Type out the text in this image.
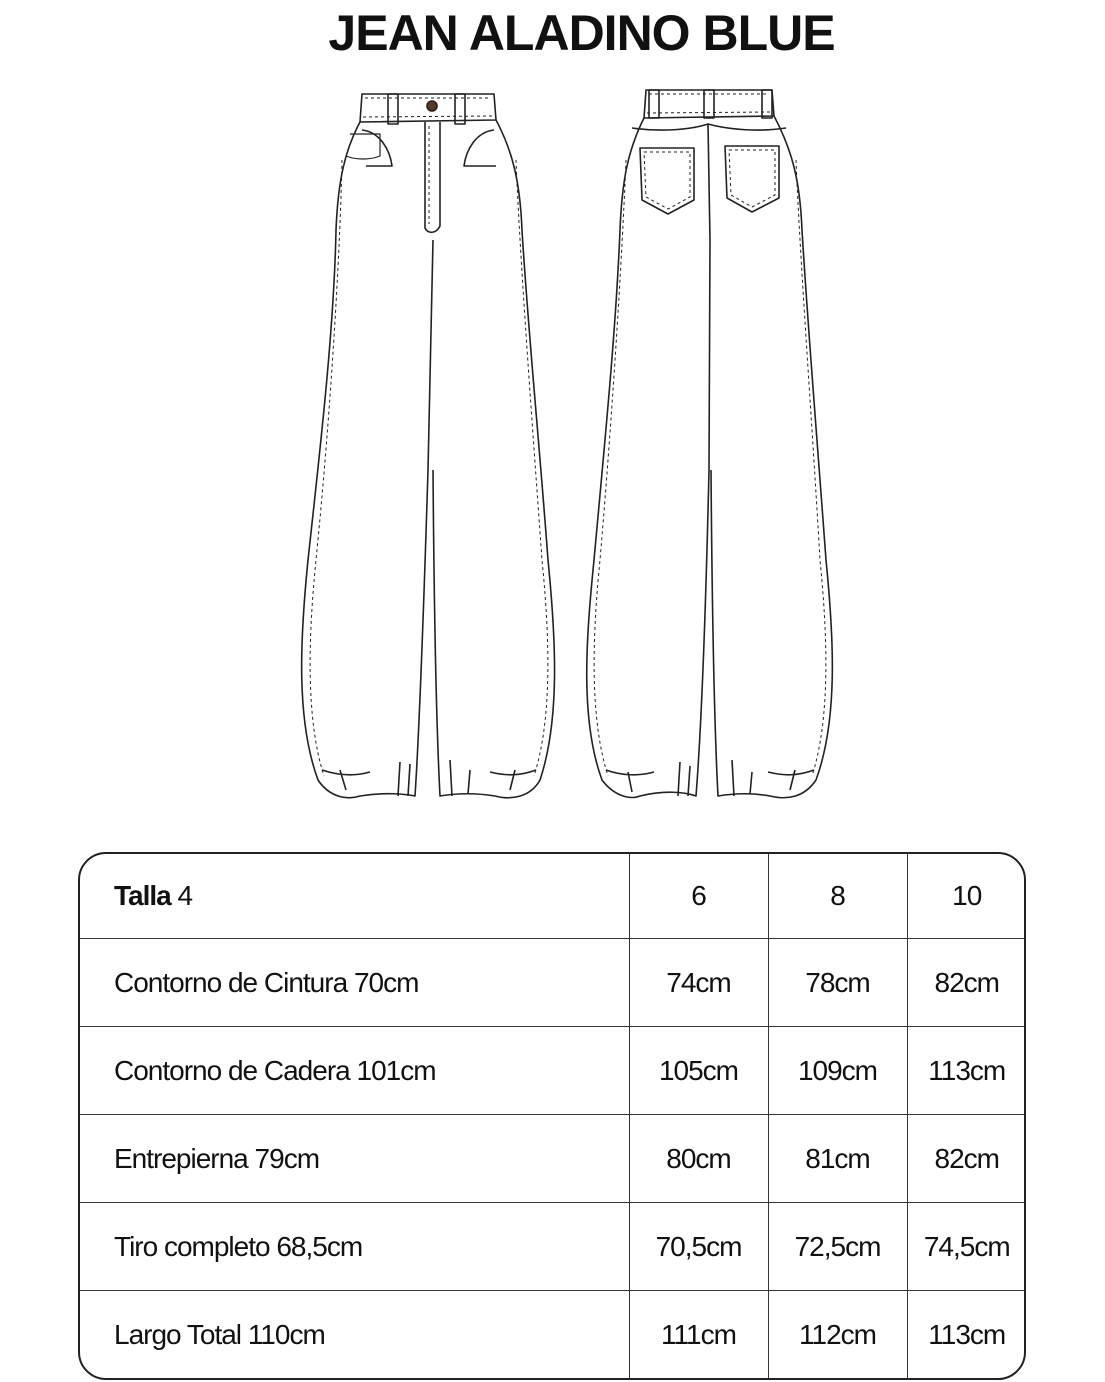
JEAN ALADINO BLUE
Talla 4	6	8	10

Contorno de Cintura 70cm	74cm	78cm	82cm

Contorno de Cadera 101cm	105cm	109cm	113cm

Entrepierna 79cm	80cm	81cm	82cm

Tiro completo 68,5cm	70,5cm	72,5cm	74,5cm

Largo Total 110cm	111cm	112cm	113cm
